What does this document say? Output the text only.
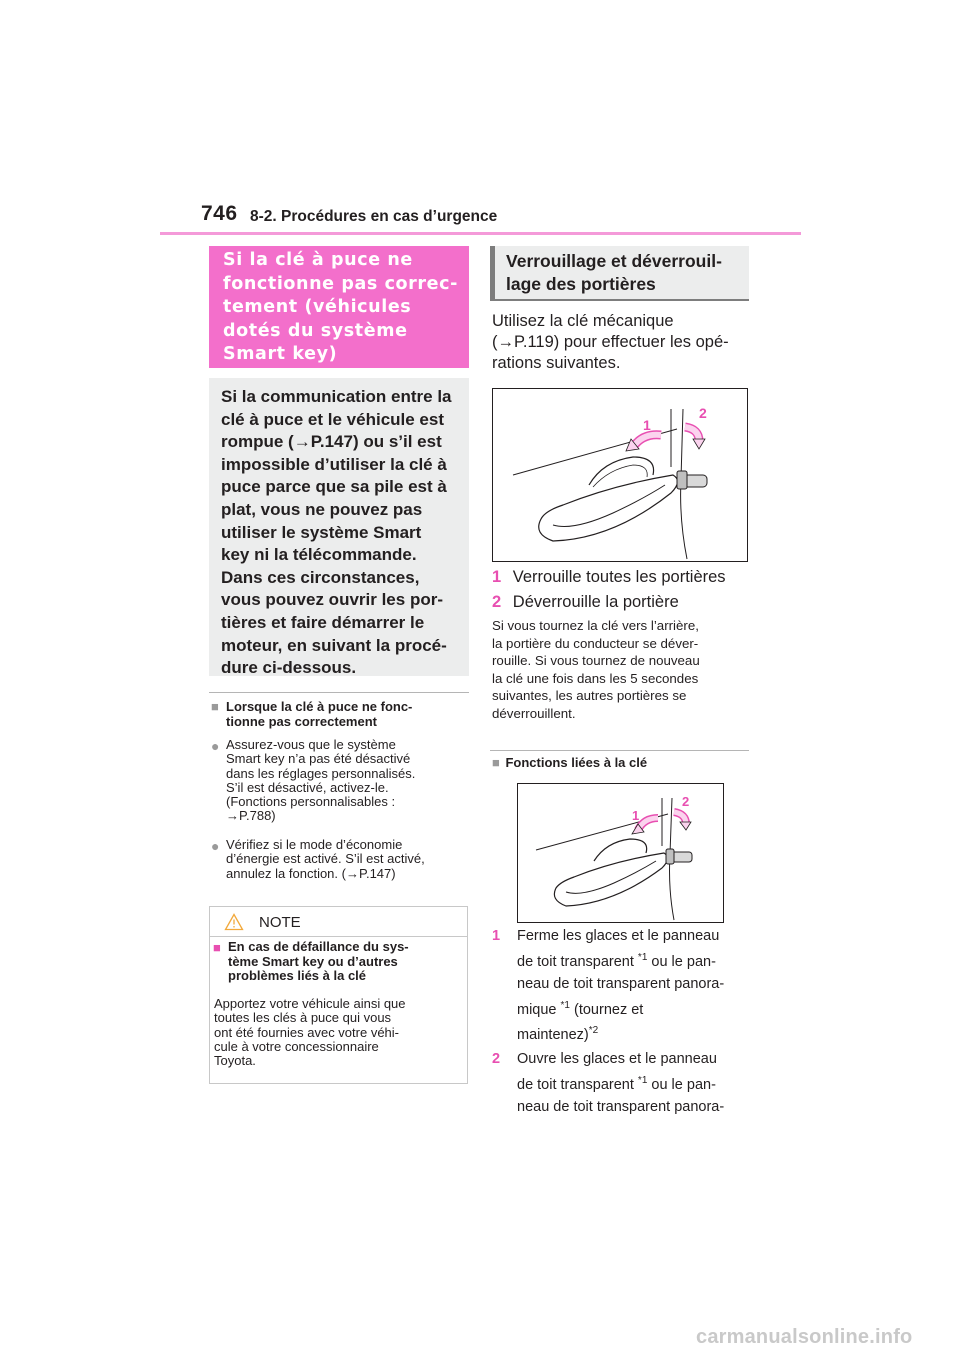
746 8-2. Procédures en cas d’urgence
Si la clé à puce ne
fonctionne pas correc-
tement (véhicules
dotés du système
Smart key)
Si la communication entre la
clé à puce et le véhicule est
rompue (→P.147) ou s’il est
impossible d’utiliser la clé à
puce parce que sa pile est à
plat, vous ne pouvez pas
utiliser le système Smart
key ni la télécommande.
Dans ces circonstances,
vous pouvez ouvrir les por-
tières et faire démarrer le
moteur, en suivant la procé-
dure ci-dessous.
■ Lorsque la clé à puce ne fonc-
tionne pas correctement
● Assurez-vous que le système
Smart key n’a pas été désactivé
dans les réglages personnalisés.
S’il est désactivé, activez-le.
(Fonctions personnalisables :
→P.788)
● Vérifiez si le mode d’économie
d’énergie est activé. S’il est activé,
annulez la fonction. (→P.147)
NOTE
■ En cas de défaillance du sys-
tème Smart key ou d’autres
problèmes liés à la clé
Apportez votre véhicule ainsi que
toutes les clés à puce qui vous
ont été fournies avec votre véhi-
cule à votre concessionnaire
Toyota.
Verrouillage et déverrouil-
lage des portières
Utilisez la clé mécanique
(→P.119) pour effectuer les opé-
rations suivantes.
1
2
1 Verrouille toutes les portières
2 Déverrouille la portière
Si vous tournez la clé vers l’arrière,
la portière du conducteur se déver-
rouille. Si vous tournez de nouveau
la clé une fois dans les 5 secondes
suivantes, les autres portières se
déverrouillent.
■ Fonctions liées à la clé
1
2
1 Ferme les glaces et le panneau
de toit transparent $^{*1}$ ou le pan-
neau de toit transparent panora-
mique $^{*1}$ (tournez et
maintenez)$^{*2}$
2 Ouvre les glaces et le panneau
de toit transparent $^{*1}$ ou le pan-
neau de toit transparent panora-
carmanualsonline.info
